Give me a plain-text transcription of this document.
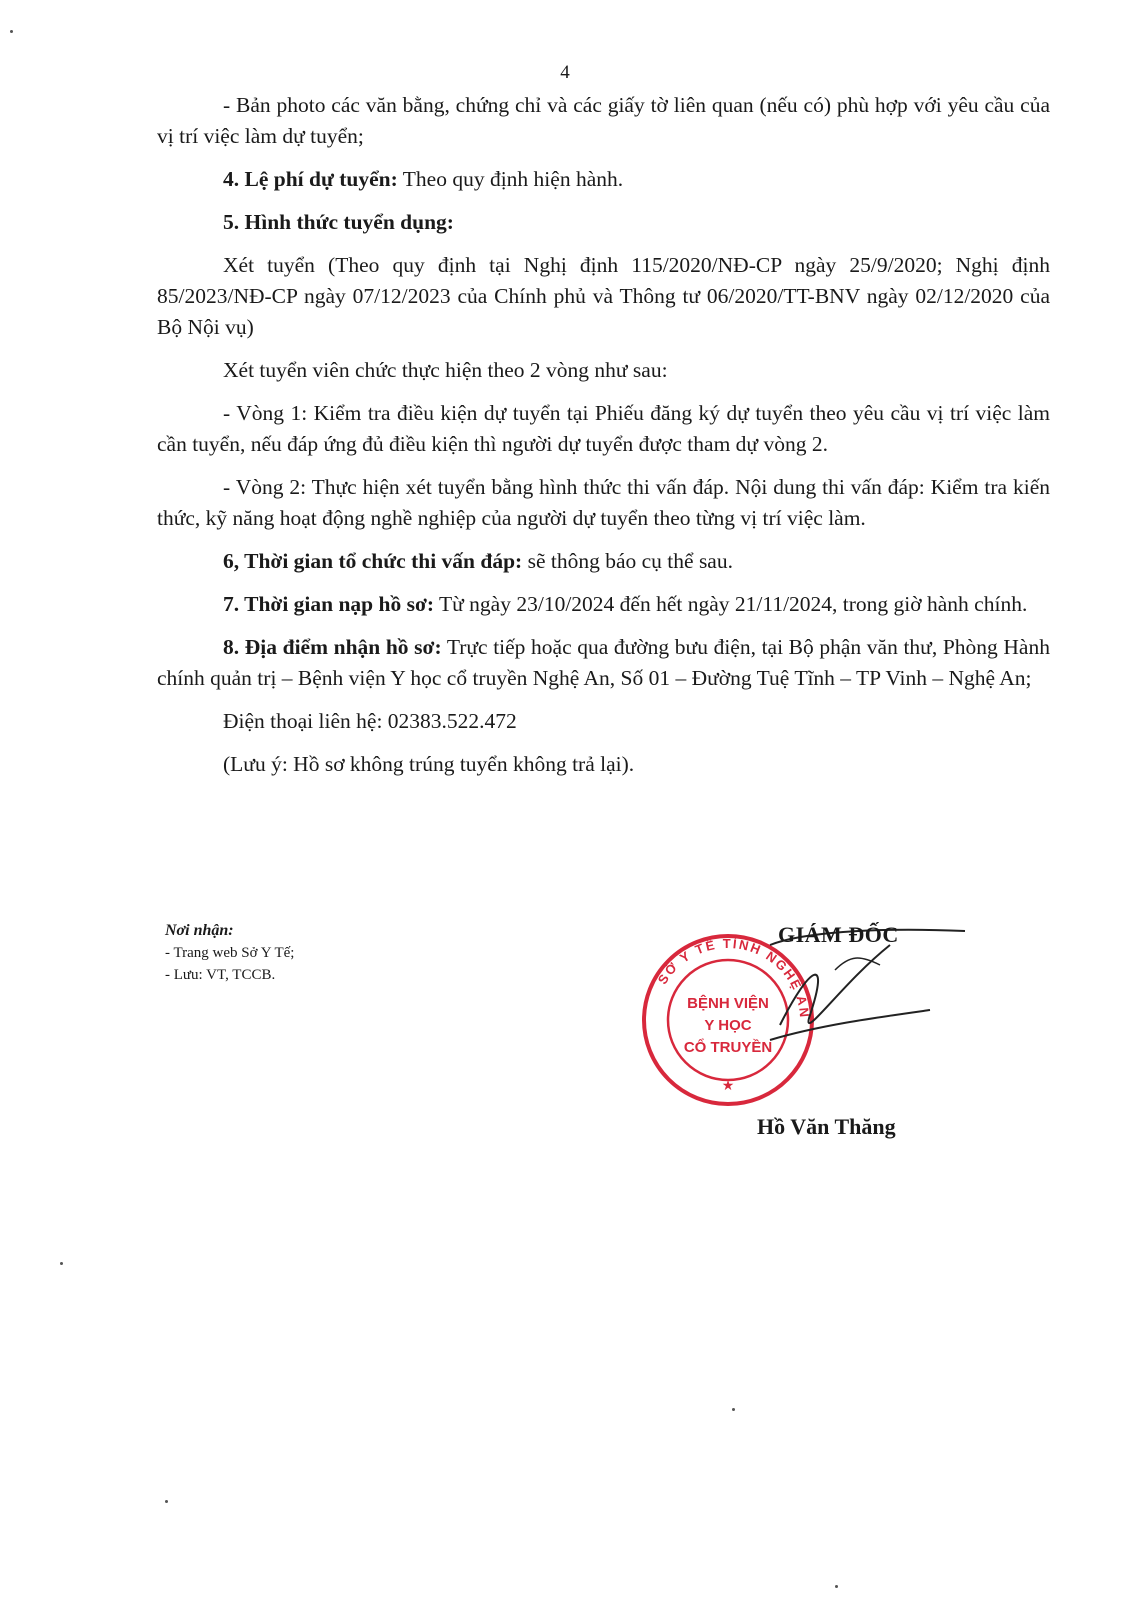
4

- Bản photo các văn bằng, chứng chỉ và các giấy tờ liên quan (nếu có) phù hợp với yêu cầu của vị trí việc làm dự tuyển;

4. Lệ phí dự tuyển: Theo quy định hiện hành.

5. Hình thức tuyển dụng:

Xét tuyển (Theo quy định tại Nghị định 115/2020/NĐ-CP ngày 25/9/2020; Nghị định 85/2023/NĐ-CP ngày 07/12/2023 của Chính phủ và Thông tư 06/2020/TT-BNV ngày 02/12/2020 của Bộ Nội vụ)

Xét tuyển viên chức thực hiện theo 2 vòng như sau:

- Vòng 1: Kiểm tra điều kiện dự tuyển tại Phiếu đăng ký dự tuyển theo yêu cầu vị trí việc làm cần tuyển, nếu đáp ứng đủ điều kiện thì người dự tuyển được tham dự vòng 2.

- Vòng 2: Thực hiện xét tuyển bằng hình thức thi vấn đáp. Nội dung thi vấn đáp: Kiểm tra kiến thức, kỹ năng hoạt động nghề nghiệp của người dự tuyển theo từng vị trí việc làm.

6, Thời gian tổ chức thi vấn đáp: sẽ thông báo cụ thể sau.

7. Thời gian nạp hồ sơ: Từ ngày 23/10/2024 đến hết ngày 21/11/2024, trong giờ hành chính.

8. Địa điểm nhận hồ sơ: Trực tiếp hoặc qua đường bưu điện, tại Bộ phận văn thư, Phòng Hành chính quản trị – Bệnh viện Y học cổ truyền Nghệ An, Số 01 – Đường Tuệ Tĩnh – TP Vinh – Nghệ An;

Điện thoại liên hệ: 02383.522.472

(Lưu ý: Hồ sơ không trúng tuyển không trả lại).

Nơi nhận:
- Trang web Sở Y Tế;
- Lưu: VT, TCCB.	SỞ Y TẾ TỈNH NGHỆ AN
BỆNH VIỆN
Y HỌC
CỔ TRUYỀN
★
GIÁM ĐỐC
Hồ Văn Thăng
